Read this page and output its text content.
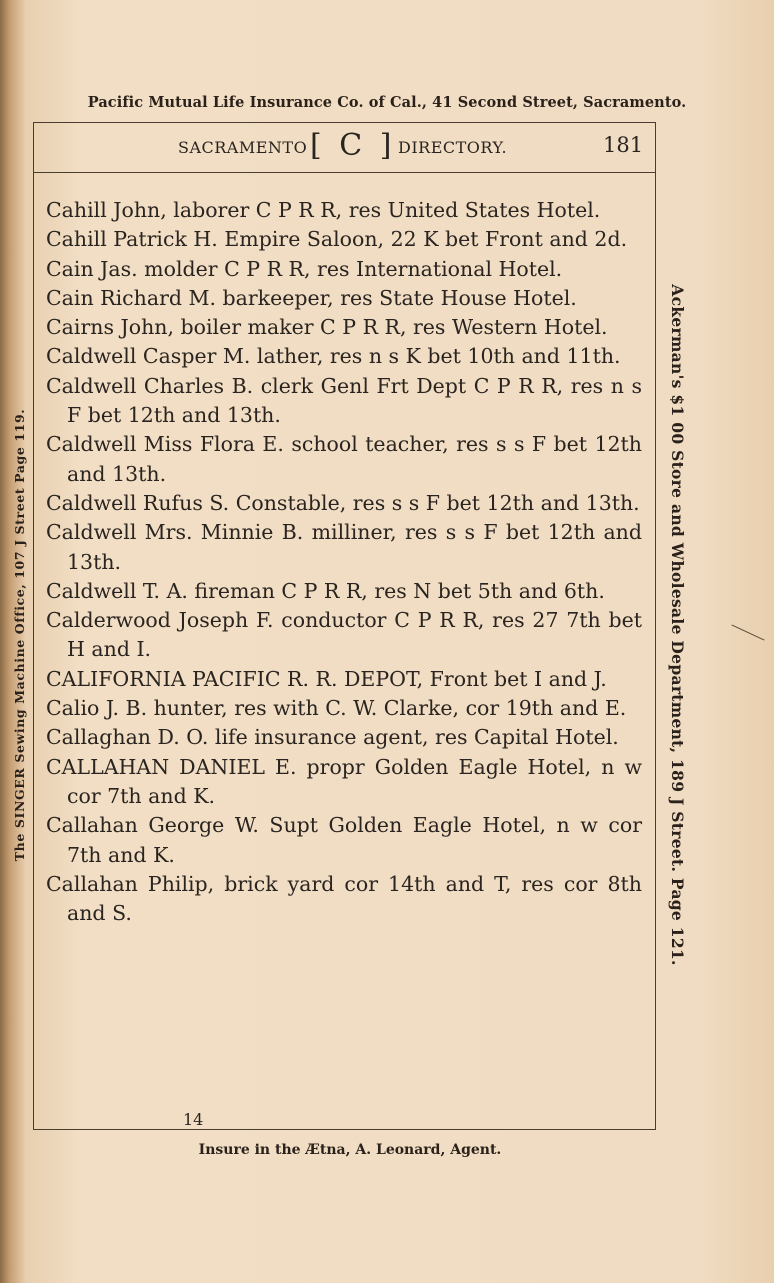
Pacific Mutual Life Insurance Co. of Cal., 41 Second Street, Sacramento.
SACRAMENTO [ C ] DIRECTORY.	181
Cahill John, laborer C P R R, res United States Hotel.
Cahill Patrick H. Empire Saloon, 22 K bet Front and 2d.
Cain Jas. molder C P R R, res International Hotel.
Cain Richard M. barkeeper, res State House Hotel.
Cairns John, boiler maker C P R R, res Western Hotel.
Caldwell Casper M. lather, res n s K bet 10th and 11th.
Caldwell Charles B. clerk Genl Frt Dept C P R R, res n s F bet 12th and 13th.
Caldwell Miss Flora E. school teacher, res s s F bet 12th and 13th.
Caldwell Rufus S. Constable, res s s F bet 12th and 13th.
Caldwell Mrs. Minnie B. milliner, res s s F bet 12th and 13th.
Caldwell T. A. fireman C P R R, res N bet 5th and 6th.
Calderwood Joseph F. conductor C P R R, res 27 7th bet H and I.
CALIFORNIA PACIFIC R. R. DEPOT, Front bet I and J.
Calio J. B. hunter, res with C. W. Clarke, cor 19th and E.
Callaghan D. O. life insurance agent, res Capital Hotel.
CALLAHAN DANIEL E. propr Golden Eagle Hotel, n w cor 7th and K.
Callahan George W. Supt Golden Eagle Hotel, n w cor 7th and K.
Callahan Philip, brick yard cor 14th and T, res cor 8th and S.
14
Insure in the Ætna, A. Leonard, Agent.
The SINGER Sewing Machine Office, 107 J Street Page 119.	Ackerman's $1 00 Store and Wholesale Department, 189 J Street. Page 121.
